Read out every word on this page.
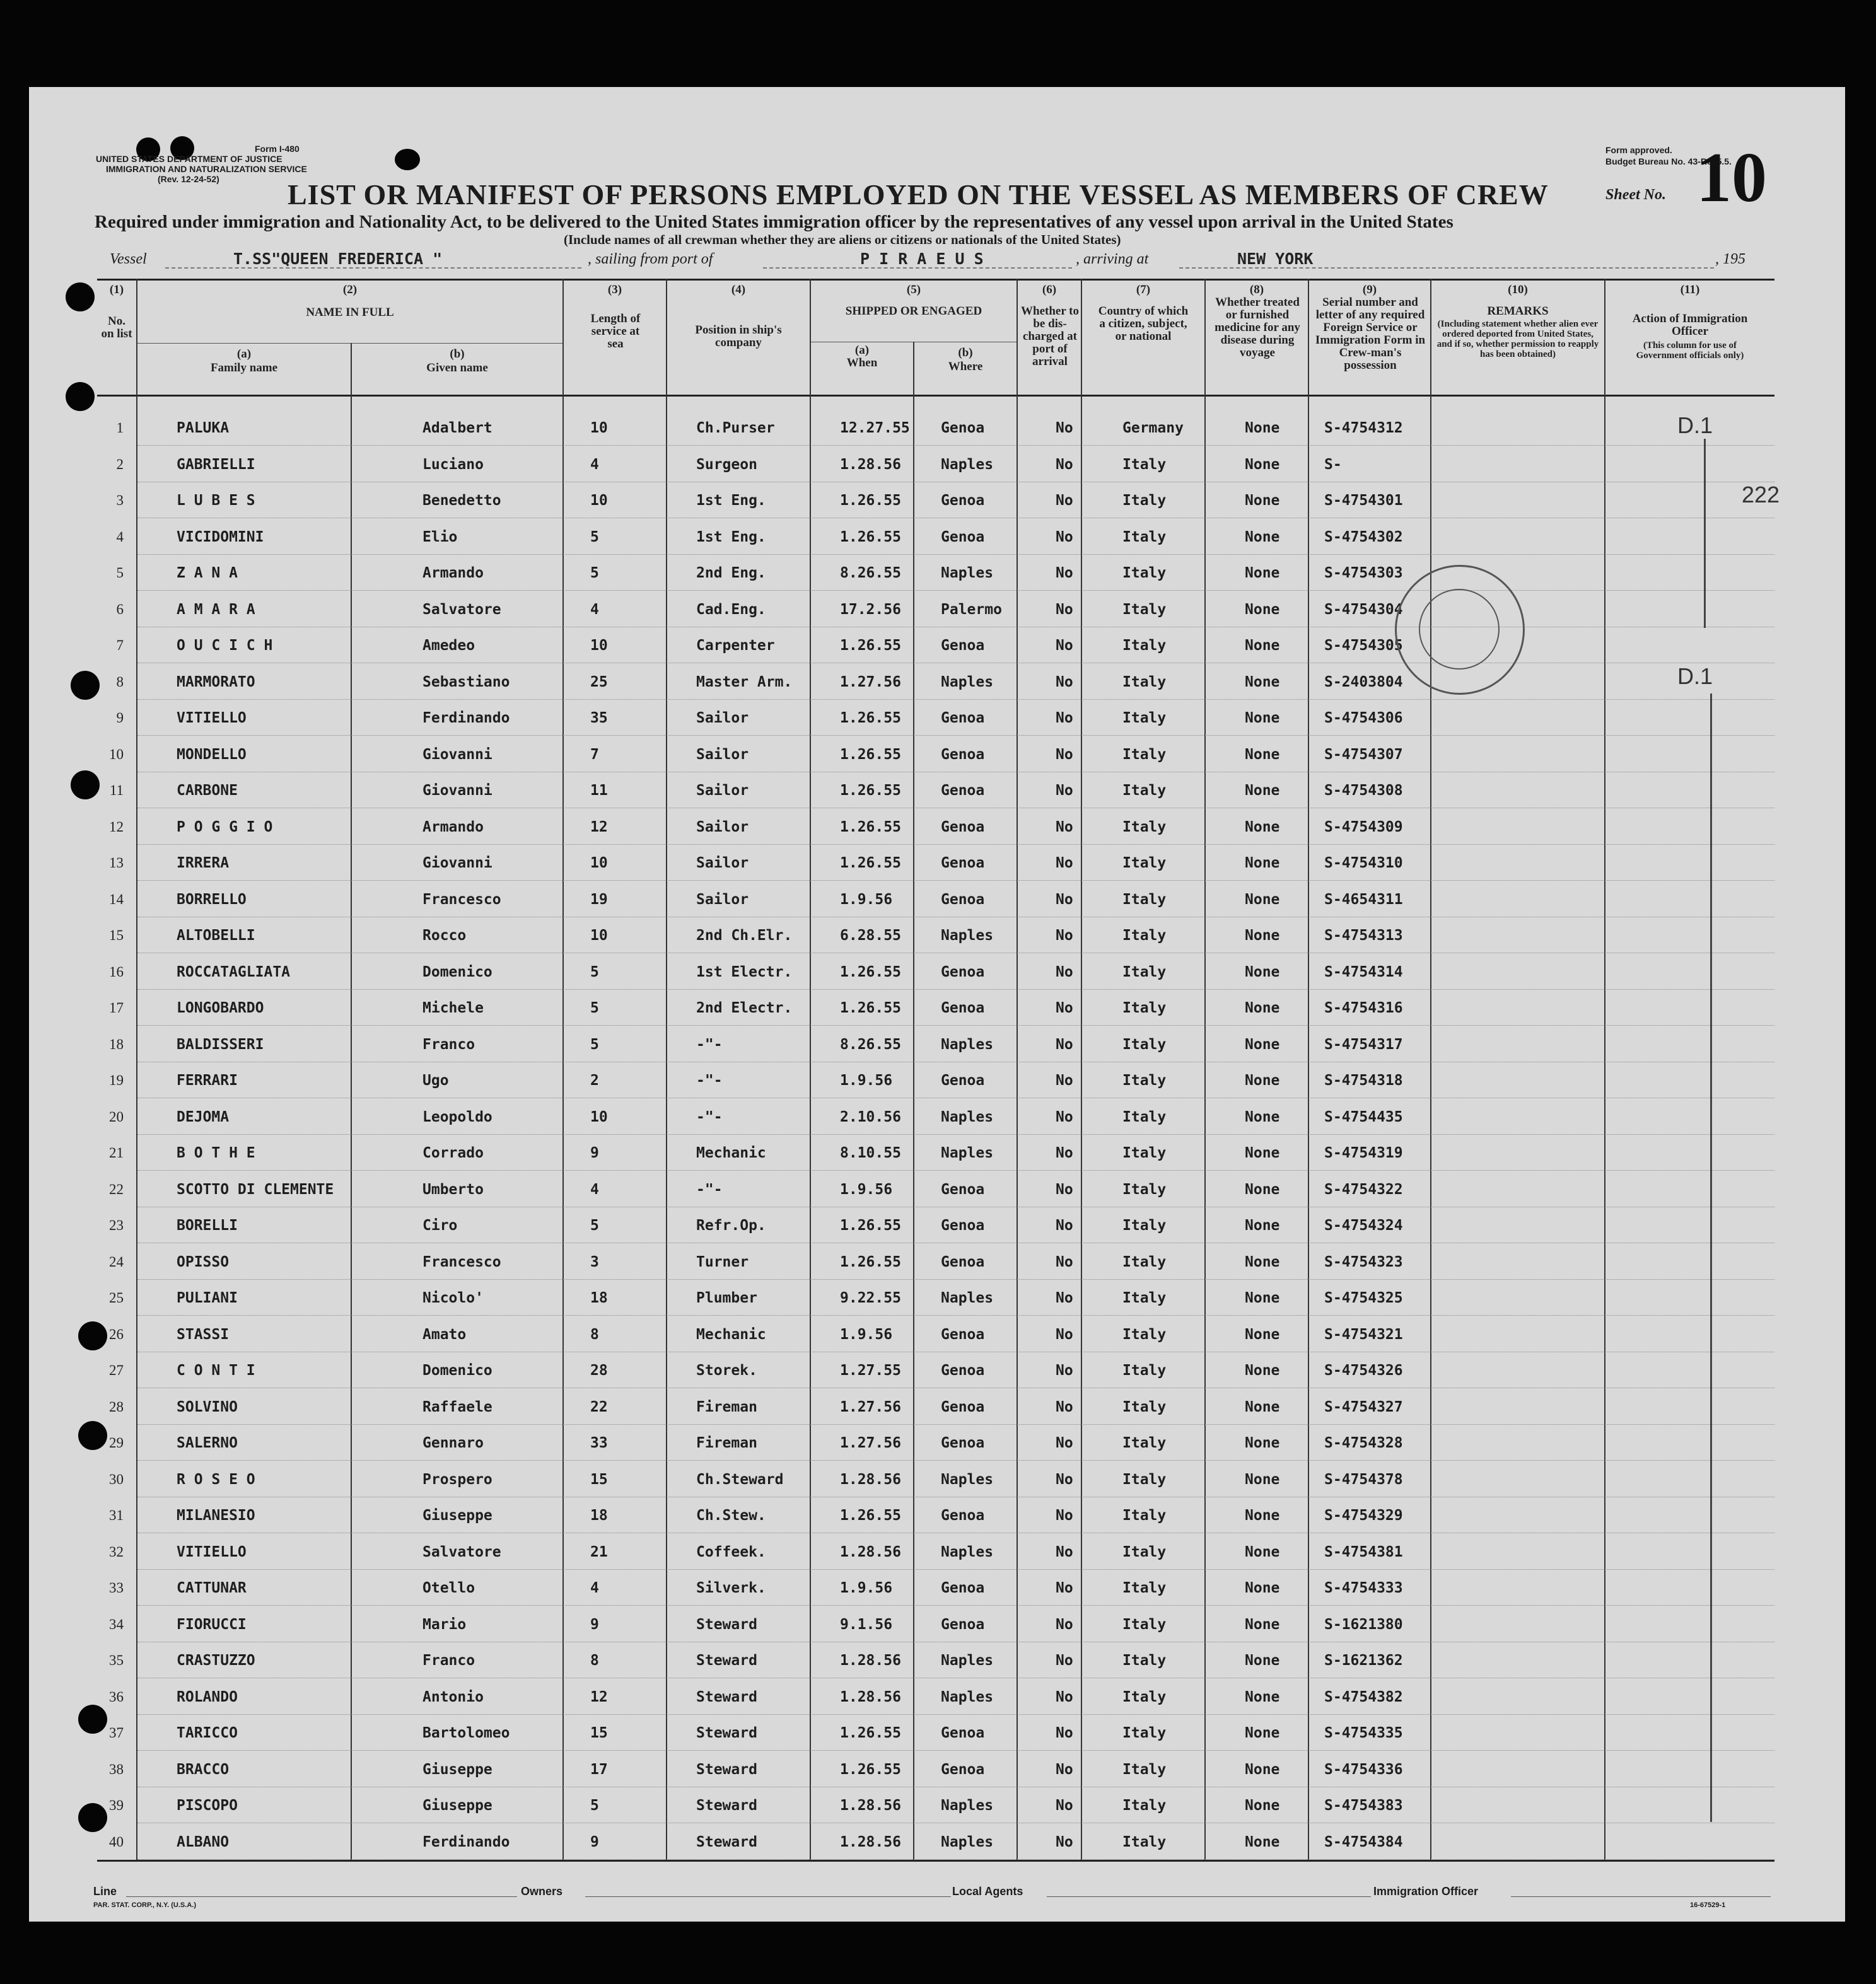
Form I-480
UNITED STATES DEPARTMENT OF JUSTICE
IMMIGRATION AND NATURALIZATION SERVICE
(Rev. 12-24-52)
Form approved.
Budget Bureau No. 43-R065.5.
LIST OR MANIFEST OF PERSONS EMPLOYED ON THE VESSEL AS MEMBERS OF CREW	Sheet No. 10
Required under immigration and Nationality Act, to be delivered to the United States immigration officer by the representatives of any vessel upon arrival in the United States
(Include names of all crewman whether they are aliens or citizens or nationals of the United States)
Vessel	T.SS"QUEEN FREDERICA "	, sailing from port of	P I R A E U S	, arriving at	NEW YORK	, 195
(1)
No. on list
(2)
NAME IN FULL
(a)
Family name
(b)
Given name
(3)
Length of service at sea
(4)
Position in ship's company
(5)
SHIPPED OR ENGAGED
(a)
When
(b)
Where
(6)
Whether to be dis-charged at port of arrival
(7)
Country of which a citizen, subject, or national
(8)
Whether treated or furnished medicine for any disease during voyage
(9)
Serial number and letter of any required Foreign Service or Immigration Form in Crew-man's possession
(10)
REMARKS
(Including statement whether alien ever ordered deported from United States, and if so, whether permission to reapply has been obtained)
(11)
Action of Immigration Officer
(This column for use of Government officials only)
1	PALUKA	Adalbert	10	Ch.Purser	12.27.55 Genoa	No	Germany	None	S-4754312
2	GABRIELLI	Luciano	4	Surgeon	1.28.56	Naples	No	Italy	None	S-
3	L U B E S	Benedetto	10	1st Eng.	1.26.55	Genoa	No	Italy	None	S-4754301
4	VICIDOMINI	Elio	5	1st Eng.	1.26.55	Genoa	No	Italy	None	S-4754302
5	Z A N A	Armando	5	2nd Eng.	8.26.55	Naples	No	Italy	None	S-4754303
6	A M A R A	Salvatore	4	Cad.Eng.	17.2.56	Palermo	No	Italy	None	S-4754304
7	O U C I C H	Amedeo	10	Carpenter	1.26.55	Genoa	No	Italy	None	S-4754305
8	MARMORATO	Sebastiano	25	Master Arm.	1.27.56	Naples	No	Italy	None	S-2403804
9	VITIELLO	Ferdinando	35	Sailor	1.26.55	Genoa	No	Italy	None	S-4754306
10	MONDELLO	Giovanni	7	Sailor	1.26.55	Genoa	No	Italy	None	S-4754307
11	CARBONE	Giovanni	11	Sailor	1.26.55	Genoa	No	Italy	None	S-4754308
12	P O G G I O	Armando	12	Sailor	1.26.55	Genoa	No	Italy	None	S-4754309
13	IRRERA	Giovanni	10	Sailor	1.26.55	Genoa	No	Italy	None	S-4754310
14	BORRELLO	Francesco	19	Sailor	1.9.56	Genoa	No	Italy	None	S-4654311
15	ALTOBELLI	Rocco	10	2nd Ch.Elr.	6.28.55	Naples	No	Italy	None	S-4754313
16	ROCCATAGLIATA	Domenico	5	1st Electr.	1.26.55	Genoa	No	Italy	None	S-4754314
17	LONGOBARDO	Michele	5	2nd Electr.	1.26.55	Genoa	No	Italy	None	S-4754316
18	BALDISSERI	Franco	5	-"-	8.26.55	Naples	No	Italy	None	S-4754317
19	FERRARI	Ugo	2	-"-	1.9.56	Genoa	No	Italy	None	S-4754318
20	DEJOMA	Leopoldo	10	-"-	2.10.56	Naples	No	Italy	None	S-4754435
21	B O T H E	Corrado	9	Mechanic	8.10.55	Naples	No	Italy	None	S-4754319
22	SCOTTO DI CLEMENTE	Umberto	4	-"-	1.9.56	Genoa	No	Italy	None	S-4754322
23	BORELLI	Ciro	5	Refr.Op.	1.26.55	Genoa	No	Italy	None	S-4754324
24	OPISSO	Francesco	3	Turner	1.26.55	Genoa	No	Italy	None	S-4754323
25	PULIANI	Nicolo'	18	Plumber	9.22.55	Naples	No	Italy	None	S-4754325
26	STASSI	Amato	8	Mechanic	1.9.56	Genoa	No	Italy	None	S-4754321
27	C O N T I	Domenico	28	Storek.	1.27.55	Genoa	No	Italy	None	S-4754326
28	SOLVINO	Raffaele	22	Fireman	1.27.56	Genoa	No	Italy	None	S-4754327
29	SALERNO	Gennaro	33	Fireman	1.27.56	Genoa	No	Italy	None	S-4754328
30	R O S E O	Prospero	15	Ch.Steward	1.28.56	Naples	No	Italy	None	S-4754378
31	MILANESIO	Giuseppe	18	Ch.Stew.	1.26.55	Genoa	No	Italy	None	S-4754329
32	VITIELLO	Salvatore	21	Coffeek.	1.28.56	Naples	No	Italy	None	S-4754381
33	CATTUNAR	Otello	4	Silverk.	1.9.56	Genoa	No	Italy	None	S-4754333
34	FIORUCCI	Mario	9	Steward	9.1.56	Genoa	No	Italy	None	S-1621380
35	CRASTUZZO	Franco	8	Steward	1.28.56	Naples	No	Italy	None	S-1621362
36	ROLANDO	Antonio	12	Steward	1.28.56	Naples	No	Italy	None	S-4754382
37	TARICCO	Bartolomeo	15	Steward	1.26.55	Genoa	No	Italy	None	S-4754335
38	BRACCO	Giuseppe	17	Steward	1.26.55	Genoa	No	Italy	None	S-4754336
39	PISCOPO	Giuseppe	5	Steward	1.28.56	Naples	No	Italy	None	S-4754383
40	ALBANO	Ferdinando	9	Steward	1.28.56	Naples	No	Italy	None	S-4754384
D.1
D.1
222
Line	Owners	Local Agents	Immigration Officer
PAR. STAT. CORP., N.Y. (U.S.A.)	16-67529-1
